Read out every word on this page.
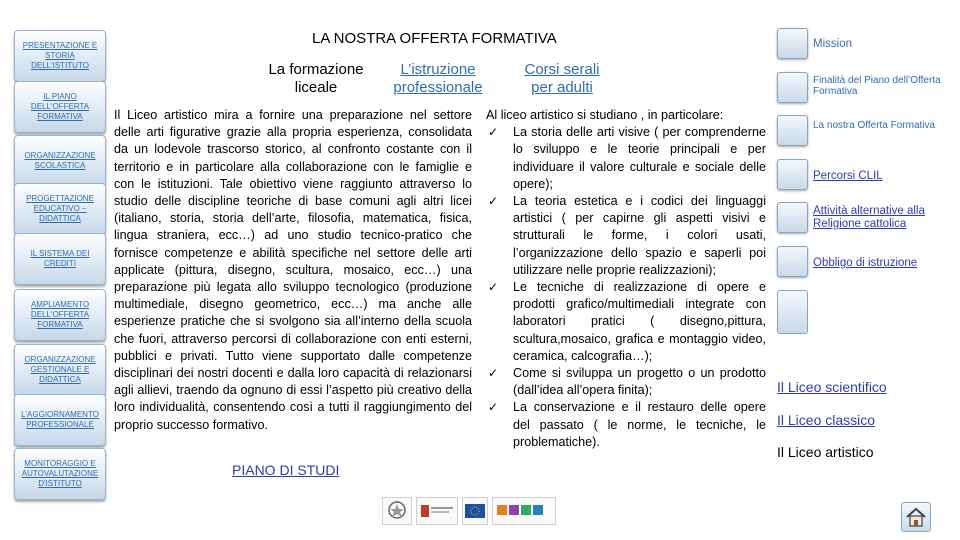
PRESENTAZIONE E STORIA DELL'ISTITUTO
IL PIANO DELL'OFFERTA FORMATIVA
ORGANIZZAZIONE SCOLASTICA
PROGETTAZIONE EDUCATIVO – DIDATTICA
IL SISTEMA DEI CREDITI
AMPLIAMENTO DELL'OFFERTA FORMATIVA
ORGANIZZAZIONE GESTIONALE E DIDATTICA
L'AGGIORNAMENTO PROFESSIONALE
MONITORAGGIO E AUTOVALUTAZIONE D'ISTITUTO
LA NOSTRA OFFERTA FORMATIVA
La formazione liceale
L’istruzione professionale
Corsi serali per adulti

Il Liceo artistico mira a fornire una preparazione nel settore delle arti figurative grazie alla propria esperienza, consolidata da un lodevole trascorso storico, al confronto costante con il territorio e in particolare alla collaborazione con le famiglie e con le istituzioni. Tale obiettivo viene raggiunto attraverso lo studio delle discipline teoriche di base comuni agli altri licei (italiano, storia, storia dell’arte, filosofia, matematica, fisica, lingua straniera, ecc…) ad uno studio tecnico-pratico che fornisce competenze e abilità specifiche nel settore delle arti applicate (pittura, disegno, scultura, mosaico, ecc…) una preparazione più legata allo sviluppo tecnologico (produzione multimediale, disegno geometrico, ecc…) ma anche alle esperienze pratiche che si svolgono sia all’interno della scuola che fuori, attraverso percorsi di collaborazione con enti esterni, pubblici e privati. Tutto viene supportato dalle competenze disciplinari dei nostri docenti e dalla loro capacità di relazionarsi agli allievi, traendo da ognuno di essi l’aspetto più creativo della loro individualità, consentendo così a tutti il raggiungimento del proprio successo formativo.

Al liceo artistico si studiano , in particolare:

✓ La storia delle arti visive ( per comprenderne lo sviluppo e le teorie principali e per individuare il valore culturale e sociale delle opere);
✓ La teoria estetica e i codici dei linguaggi artistici ( per capirne gli aspetti visivi e strutturali le forme, i colori usati, l’organizzazione dello spazio e saperli poi utilizzare nelle proprie realizzazioni);
✓ Le tecniche di realizzazione di opere e prodotti grafico/multimediali integrate con laboratori pratici ( disegno,pittura, scultura,mosaico, grafica e montaggio video, ceramica, calcografia…);
✓ Come si sviluppa un progetto o un prodotto (dall’idea all’opera finita);
✓ La conservazione e il restauro delle opere del passato ( le norme, le tecniche, le problematiche).
PIANO DI STUDI
Mission
Finalità del Piano dell’Offerta Formativa
La nostra Offerta Formativa
Percorsi CLIL
Attività alternative alla Religione cattolica
Obbligo di istruzione
Il Liceo scientifico
Il Liceo classico
Il Liceo artistico
